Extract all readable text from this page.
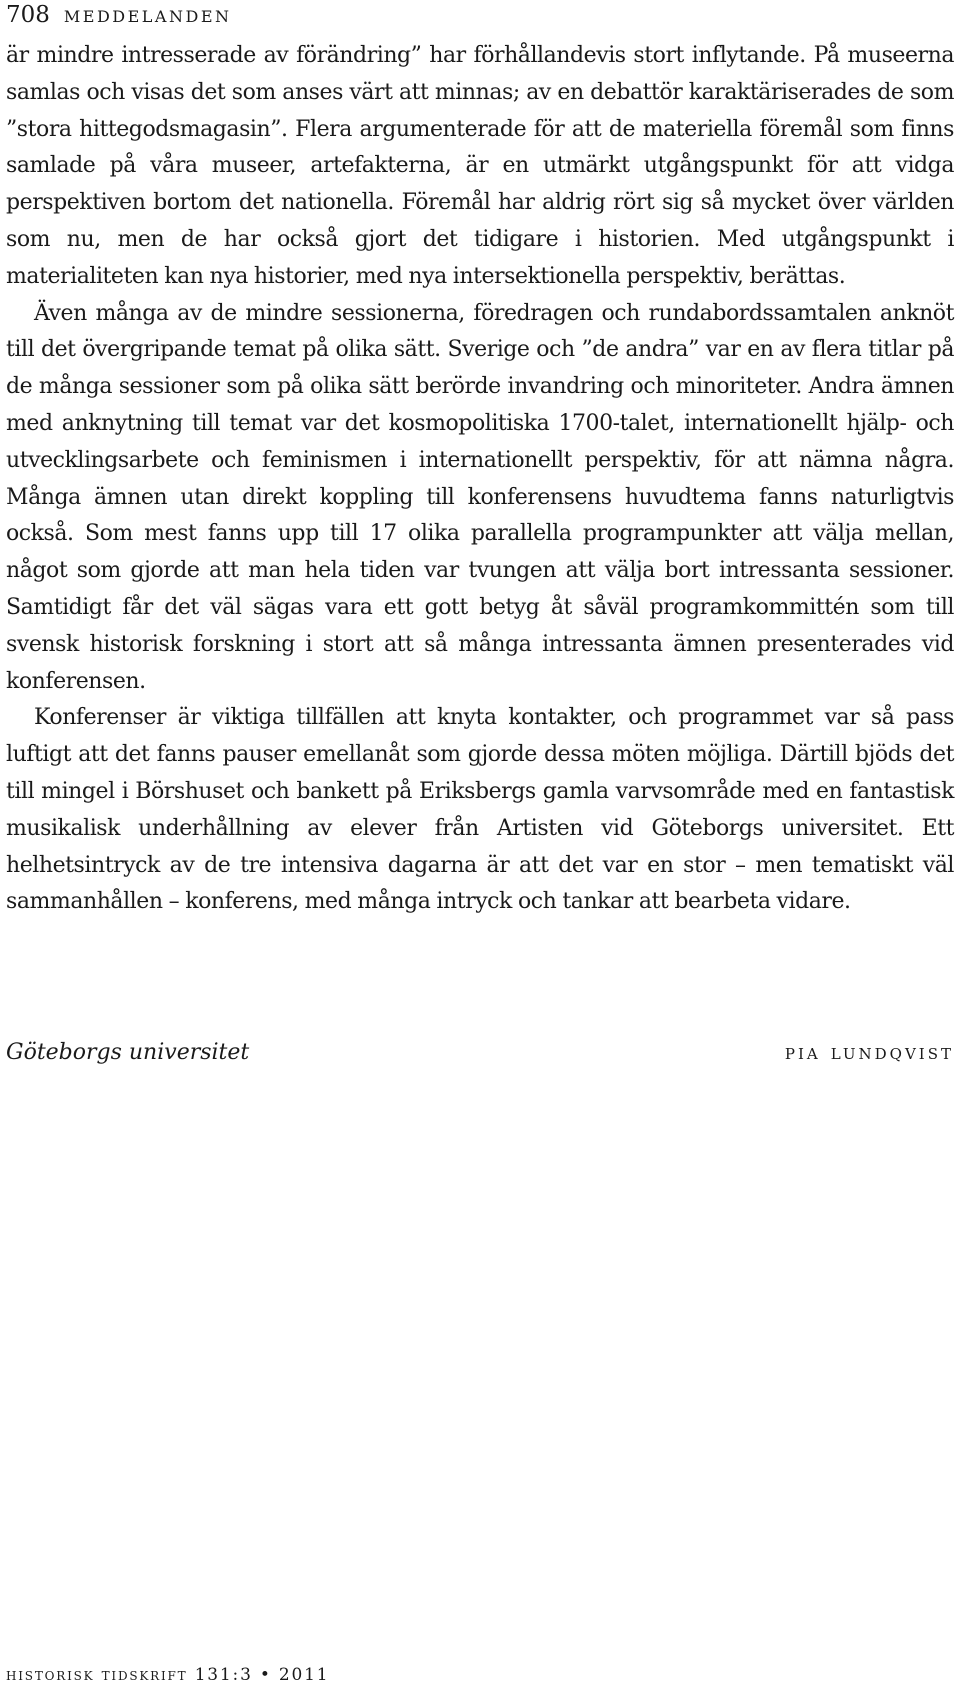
708 meddelanden

är mindre intresserade av förändring” har förhållandevis stort inflytande. På museerna samlas och visas det som anses värt att minnas; av en debattör karaktäriserades de som ”stora hittegodsmagasin”. Flera argumenterade för att de materiella föremål som finns samlade på våra museer, artefakterna, är en utmärkt utgångspunkt för att vidga perspektiven bortom det nationella. Föremål har aldrig rört sig så mycket över världen som nu, men de har också gjort det tidigare i historien. Med utgångspunkt i materialiteten kan nya historier, med nya intersektionella perspektiv, berättas.

Även många av de mindre sessionerna, föredragen och rundabordssamtalen anknöt till det övergripande temat på olika sätt. Sverige och ”de andra” var en av flera titlar på de många sessioner som på olika sätt berörde invandring och minoriteter. Andra ämnen med anknytning till temat var det kosmopolitiska 1700-talet, internationellt hjälp- och utvecklingsarbete och feminismen i internationellt perspektiv, för att nämna några. Många ämnen utan direkt koppling till konferensens huvudtema fanns naturligtvis också. Som mest fanns upp till 17 olika parallella programpunkter att välja mellan, något som gjorde att man hela tiden var tvungen att välja bort intressanta sessioner. Samtidigt får det väl sägas vara ett gott betyg åt såväl programkommittén som till svensk historisk forskning i stort att så många intressanta ämnen presenterades vid konferensen.

Konferenser är viktiga tillfällen att knyta kontakter, och programmet var så pass luftigt att det fanns pauser emellanåt som gjorde dessa möten möjliga. Därtill bjöds det till mingel i Börshuset och bankett på Eriksbergs gamla varvsområde med en fantastisk musikalisk underhållning av elever från Artisten vid Göteborgs universitet. Ett helhetsintryck av de tre intensiva dagarna är att det var en stor – men tematiskt väl sammanhållen – konferens, med många intryck och tankar att bearbeta vidare.

Göteborgs universitet	pia lundqvist
historisk tidskrift 131:3 • 2011
